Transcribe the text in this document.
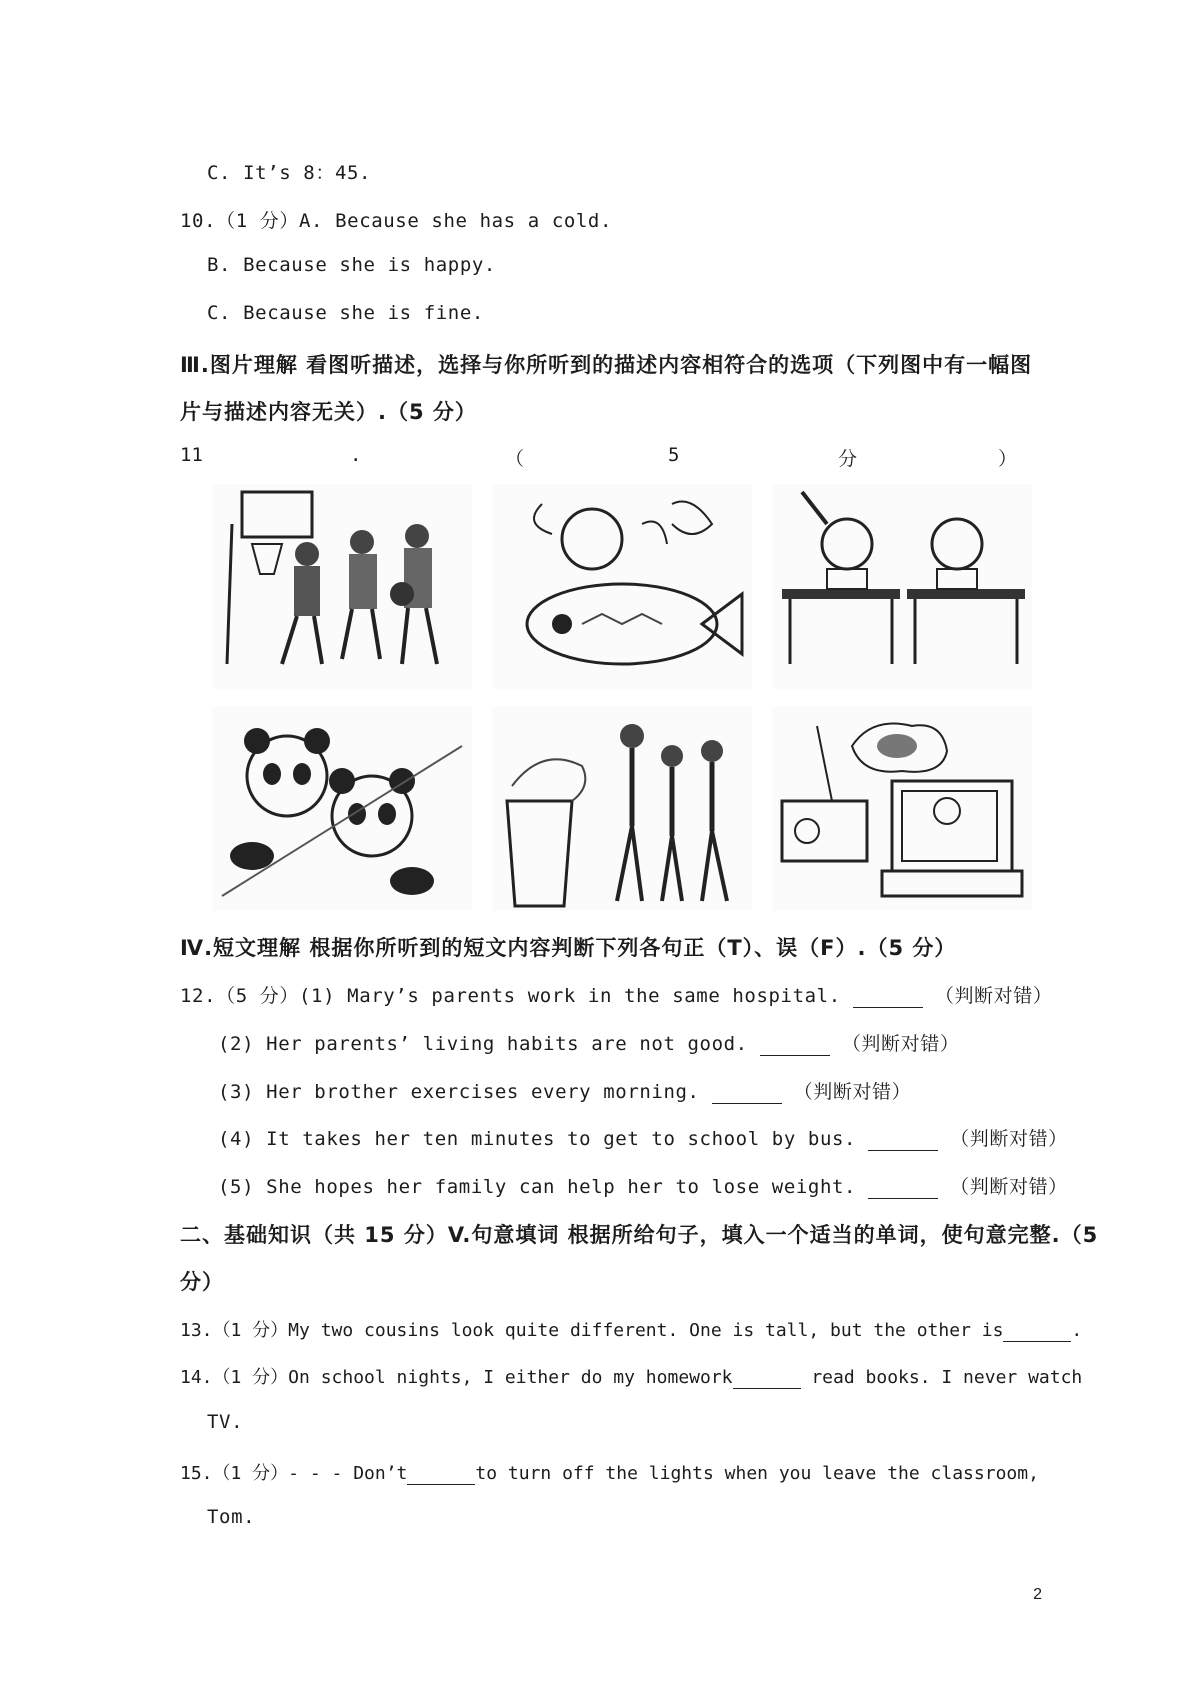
C. It’s 8：45.
10.（1 分）A. Because she has a cold.
B. Because she is happy.
C. Because she is fine.
Ⅲ.图片理解 看图听描述，选择与你所听到的描述内容相符合的选项（下列图中有一幅图
片与描述内容无关）.（5 分）
11	.	（	5	分	）
Ⅳ.短文理解 根据你所听到的短文内容判断下列各句正（T）、误（F）.（5 分）
12.（5 分）(1) Mary’s parents work in the same hospital.	（判断对错）
(2) Her parents’ living habits are not good.	（判断对错）
(3) Her brother exercises every morning.	（判断对错）
(4) It takes her ten minutes to get to school by bus.	（判断对错）
(5) She hopes her family can help her to lose weight.	（判断对错）
二、基础知识（共 15 分）V.句意填词 根据所给句子，填入一个适当的单词，使句意完整.（5
分）
13.（1 分）My two cousins look quite different. One is tall, but the other is	.
14.（1 分）On school nights, I either do my homework	read books. I never watch
TV.
15.（1 分）- - - Don’t	to turn off the lights when you leave the classroom,
Tom.
2
